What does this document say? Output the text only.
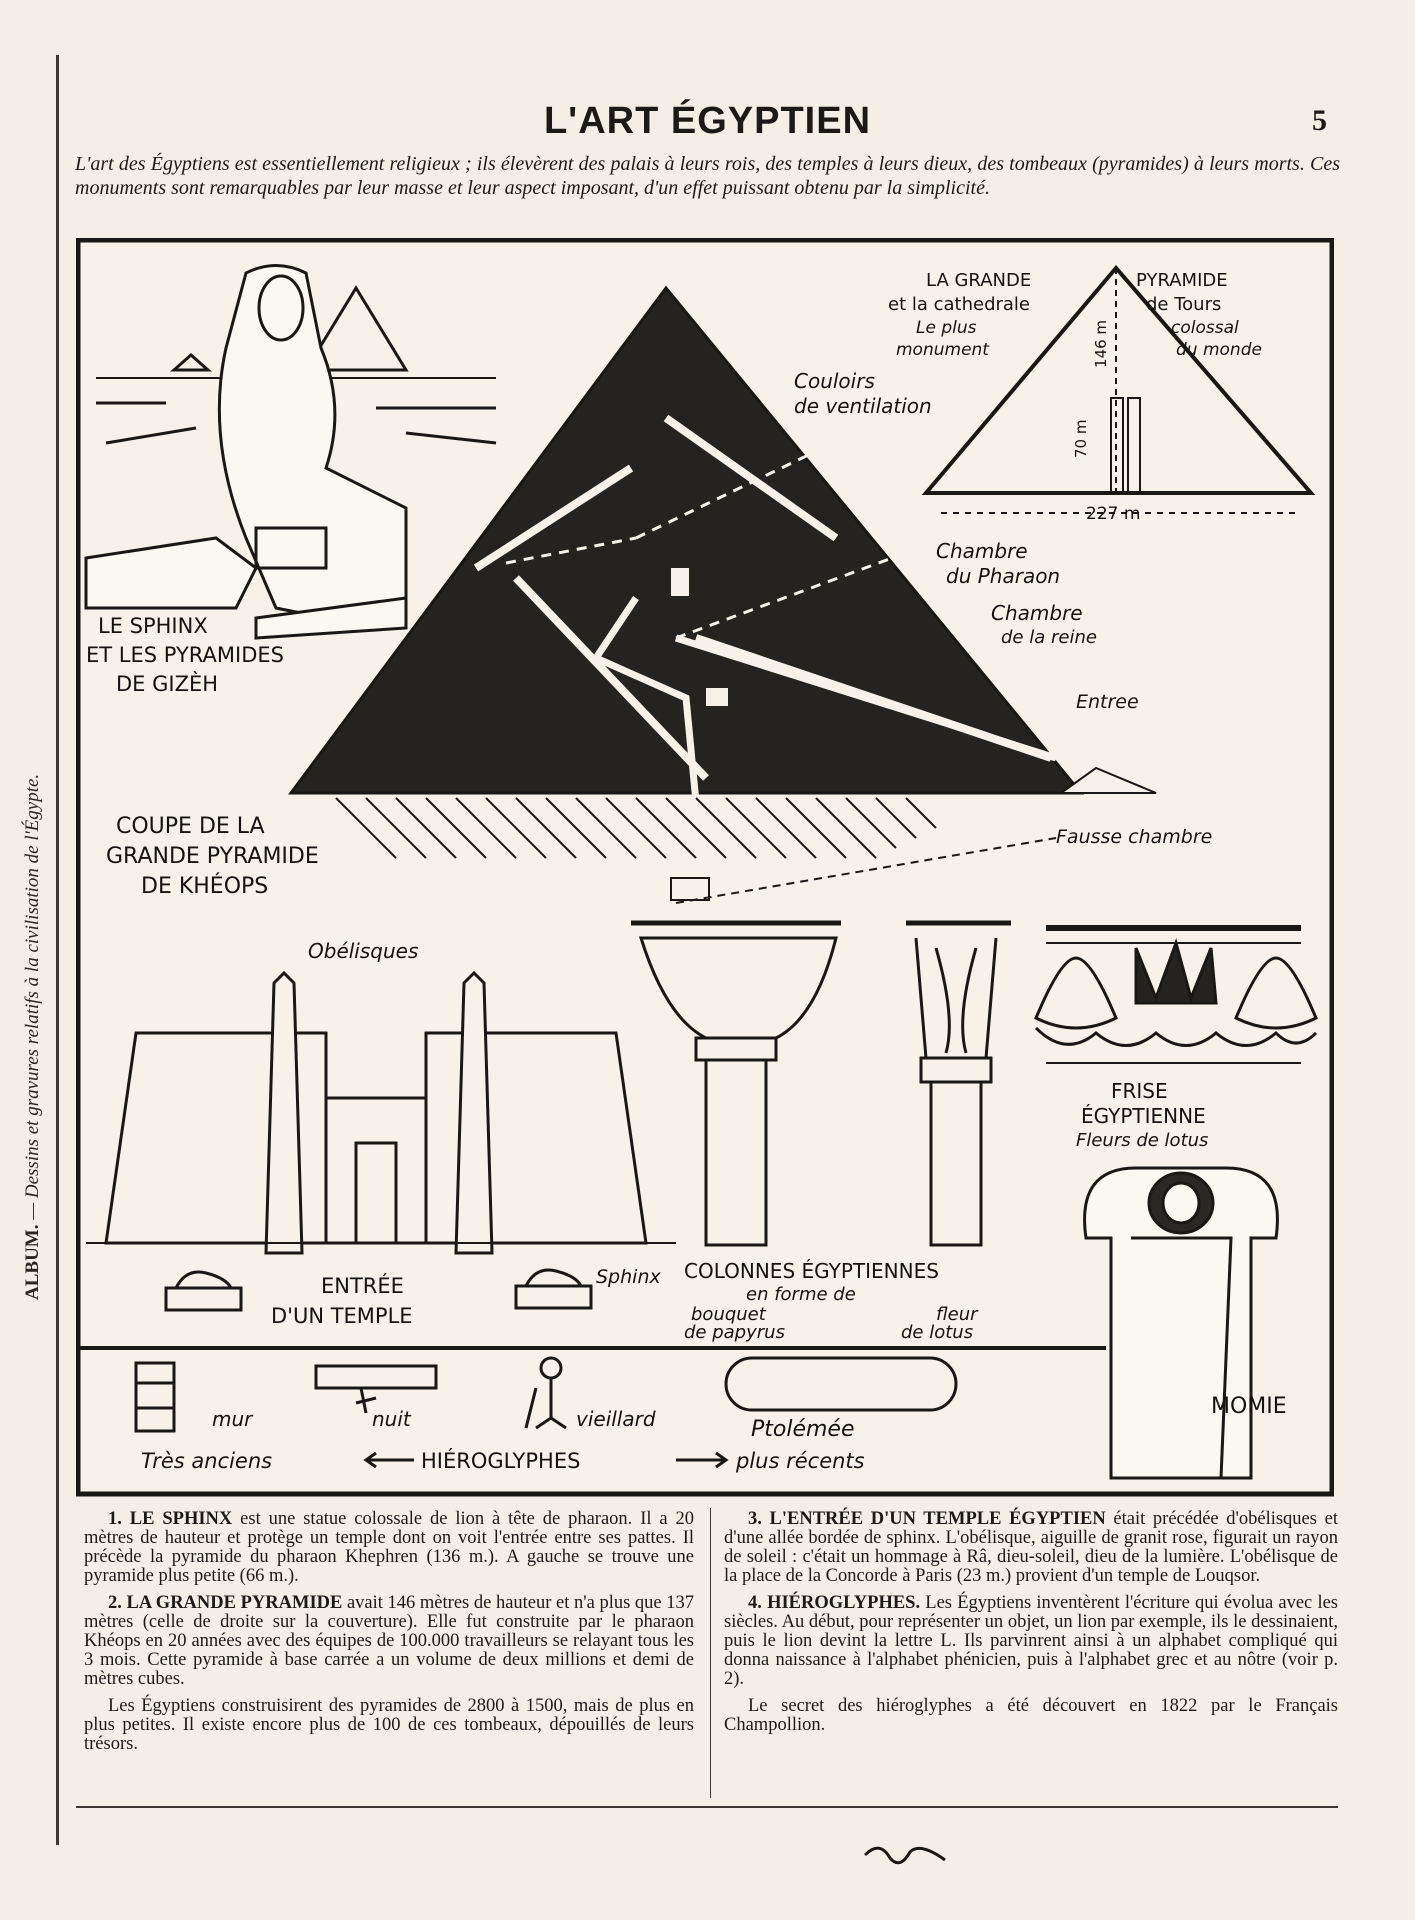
ALBUM. — Dessins et gravures relatifs à la civilisation de l'Égypte.
L'ART ÉGYPTIEN	5
L'art des Égyptiens est essentiellement religieux ; ils élevèrent des palais à leurs rois, des temples à leurs dieux, des tombeaux (pyramides) à leurs morts. Ces monuments sont remarquables par leur masse et leur aspect imposant, d'un effet puissant obtenu par la simplicité.
LE SPHINX
ET LES PYRAMIDES
DE GIZÈH
COUPE DE LA
GRANDE PYRAMIDE
DE KHÉOPS
Couloirs
de ventilation
Chambre
du Pharaon
Chambre
de la reine
Entree
Fausse chambre
LA GRANDE
et la cathedrale
Le plus
monument
PYRAMIDE
de Tours
colossal
du monde
146 m
70 m
227 m
Obélisques
ENTRÉE
D'UN TEMPLE
Sphinx COLONNES ÉGYPTIENNES
en forme de
bouquet
de papyrus
fleur
de lotus
FRISE
ÉGYPTIENNE
Fleurs de lotus
MOMIE
mur	nuit	vieillard	Ptolémée
Très anciens	HIÉROGLYPHES	plus récents

1. LE SPHINX est une statue colossale de lion à tête de pharaon. Il a 20 mètres de hauteur et protège un temple dont on voit l'entrée entre ses pattes. Il précède la pyramide du pharaon Khephren (136 m.). A gauche se trouve une pyramide plus petite (66 m.).

2. LA GRANDE PYRAMIDE avait 146 mètres de hauteur et n'a plus que 137 mètres (celle de droite sur la couverture). Elle fut construite par le pharaon Khéops en 20 années avec des équipes de 100.000 travailleurs se relayant tous les 3 mois. Cette pyramide à base carrée a un volume de deux millions et demi de mètres cubes.

Les Égyptiens construisirent des pyramides de 2800 à 1500, mais de plus en plus petites. Il existe encore plus de 100 de ces tombeaux, dépouillés de leurs trésors.

3. L'ENTRÉE D'UN TEMPLE ÉGYPTIEN était précédée d'obélisques et d'une allée bordée de sphinx. L'obélisque, aiguille de granit rose, figurait un rayon de soleil : c'était un hommage à Râ, dieu-soleil, dieu de la lumière. L'obélisque de la place de la Concorde à Paris (23 m.) provient d'un temple de Louqsor.

4. HIÉROGLYPHES. Les Égyptiens inventèrent l'écriture qui évolua avec les siècles. Au début, pour représenter un objet, un lion par exemple, ils le dessinaient, puis le lion devint la lettre L. Ils parvinrent ainsi à un alphabet compliqué qui donna naissance à l'alphabet phénicien, puis à l'alphabet grec et au nôtre (voir p. 2).

Le secret des hiéroglyphes a été découvert en 1822 par le Français Champollion.
